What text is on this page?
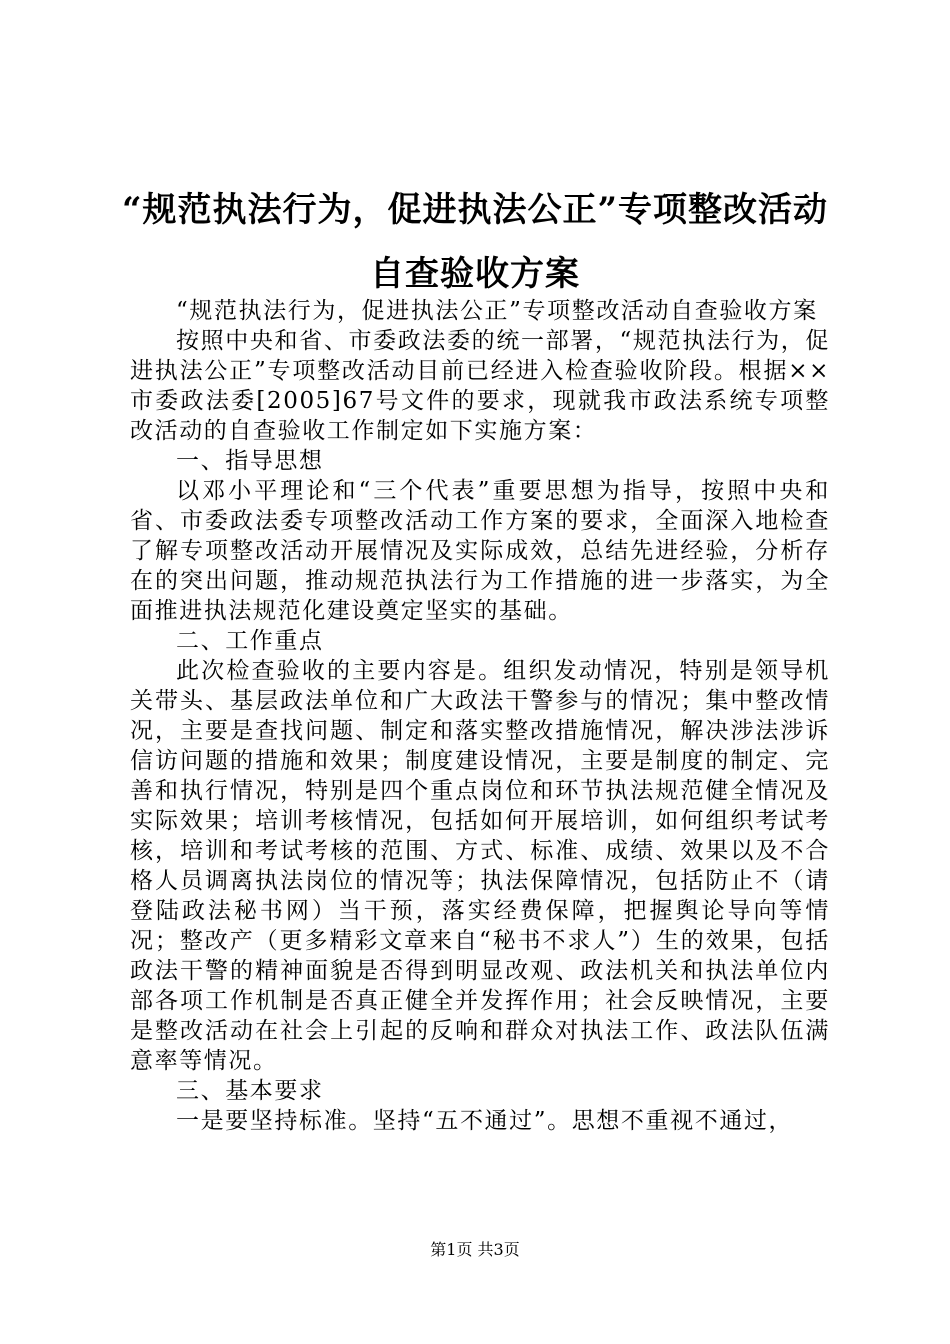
“规范执法行为，促进执法公正”专项整改活动自查验收方案

“规范执法行为，促进执法公正”专项整改活动自查验收方案

按照中央和省、市委政法委的统一部署，“规范执法行为，促进执法公正”专项整改活动目前已经进入检查验收阶段。根据××市委政法委[2005]67号文件的要求，现就我市政法系统专项整改活动的自查验收工作制定如下实施方案：

一、指导思想

以邓小平理论和“三个代表”重要思想为指导，按照中央和省、市委政法委专项整改活动工作方案的要求，全面深入地检查了解专项整改活动开展情况及实际成效，总结先进经验，分析存在的突出问题，推动规范执法行为工作措施的进一步落实，为全面推进执法规范化建设奠定坚实的基础。

二、工作重点

此次检查验收的主要内容是。组织发动情况，特别是领导机关带头、基层政法单位和广大政法干警参与的情况；集中整改情况，主要是查找问题、制定和落实整改措施情况，解决涉法涉诉信访问题的措施和效果；制度建设情况，主要是制度的制定、完善和执行情况，特别是四个重点岗位和环节执法规范健全情况及实际效果；培训考核情况，包括如何开展培训，如何组织考试考核，培训和考试考核的范围、方式、标准、成绩、效果以及不合格人员调离执法岗位的情况等；执法保障情况，包括防止不（请登陆政法秘书网）当干预，落实经费保障，把握舆论导向等情况；整改产（更多精彩文章来自“秘书不求人”）生的效果，包括政法干警的精神面貌是否得到明显改观、政法机关和执法单位内部各项工作机制是否真正健全并发挥作用；社会反映情况，主要是整改活动在社会上引起的反响和群众对执法工作、政法队伍满意率等情况。

三、基本要求

一是要坚持标准。坚持“五不通过”。思想不重视不通过，

第1页 共3页
